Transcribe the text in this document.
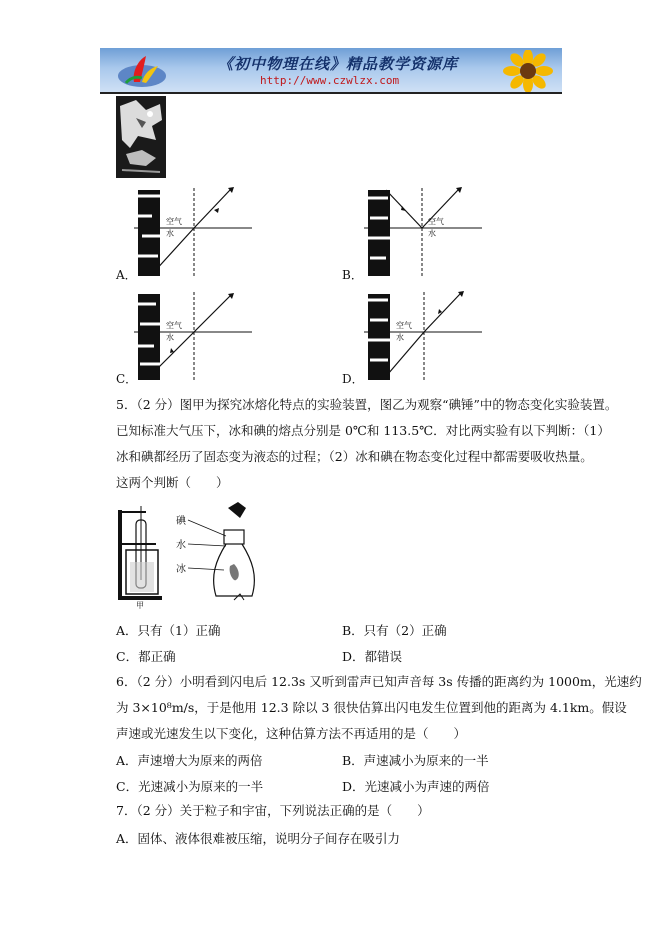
《初中物理在线》精品教学资源库
http://www.czwlzx.com
空气
水
A．
空气
水
B．
空气
水
C．
空气
水
D．
5．（2 分）图甲为探究冰熔化特点的实验装置，图乙为观察“碘锤”中的物态变化实验装置。
已知标准大气压下，冰和碘的熔点分别是 0℃和 113.5℃．对比两实验有以下判断：（1）
冰和碘都经历了固态变为液态的过程；（2）冰和碘在物态变化过程中都需要吸收热量。
这两个判断（　　）
甲
碘
水
冰
A．只有（1）正确	B．只有（2）正确
C．都正确	D．都错误
6．（2 分）小明看到闪电后 12.3s 又听到雷声已知声音每 3s 传播的距离约为 1000m，光速约
为 3×10⁸m/s，于是他用 12.3 除以 3 很快估算出闪电发生位置到他的距离为 4.1km。假设
声速或光速发生以下变化，这种估算方法不再适用的是（　　）
A．声速增大为原来的两倍	B．声速减小为原来的一半
C．光速减小为原来的一半	D．光速减小为声速的两倍
7．（2 分）关于粒子和宇宙，下列说法正确的是（　　）
A．固体、液体很难被压缩，说明分子间存在吸引力
